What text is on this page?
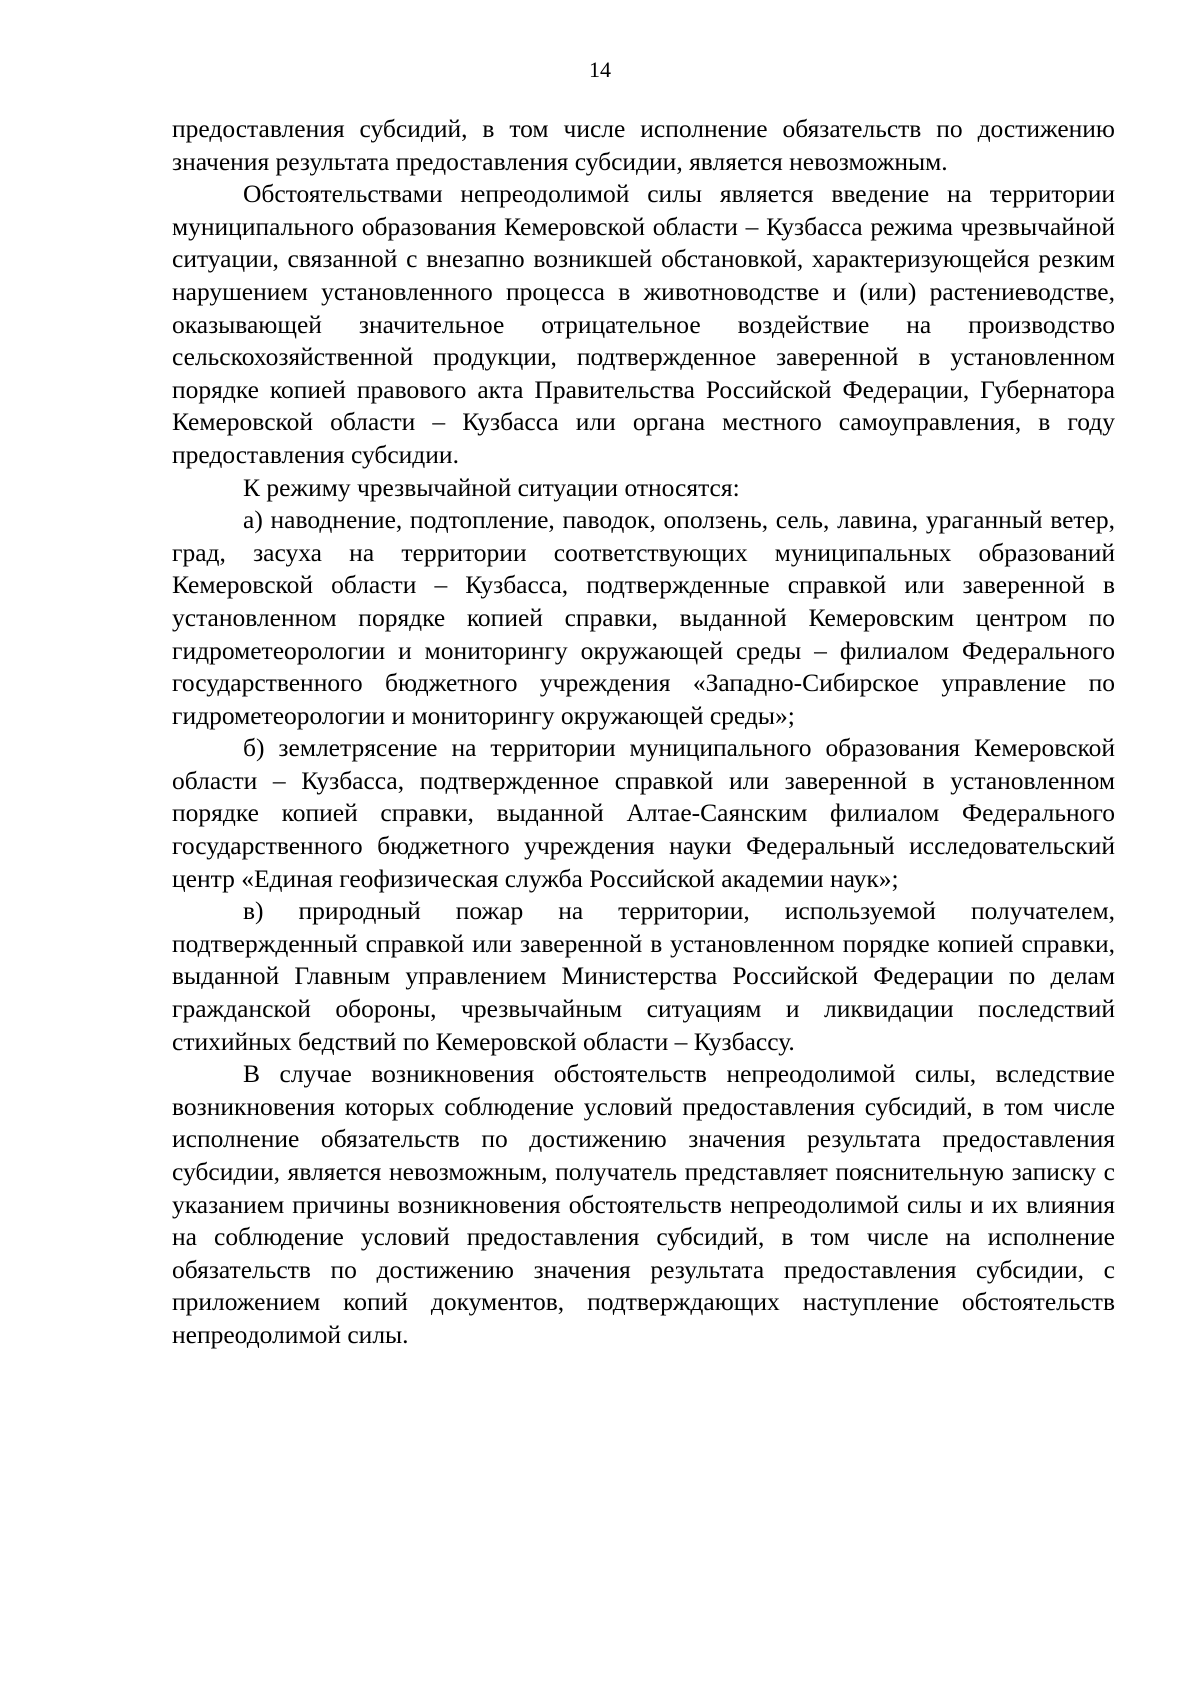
14

предоставления субсидий, в том числе исполнение обязательств по достижению значения результата предоставления субсидии, является невозможным.

Обстоятельствами непреодолимой силы является введение на территории муниципального образования Кемеровской области – Кузбасса режима чрезвычайной ситуации, связанной с внезапно возникшей обстановкой, характеризующейся резким нарушением установленного процесса в животноводстве и (или) растениеводстве, оказывающей значительное отрицательное воздействие на производство сельскохозяйственной продукции, подтвержденное заверенной в установленном порядке копией правового акта Правительства Российской Федерации, Губернатора Кемеровской области – Кузбасса или органа местного самоуправления, в году предоставления субсидии.

К режиму чрезвычайной ситуации относятся:

а) наводнение, подтопление, паводок, оползень, сель, лавина, ураганный ветер, град, засуха на территории соответствующих муниципальных образований Кемеровской области – Кузбасса, подтвержденные справкой или заверенной в установленном порядке копией справки, выданной Кемеровским центром по гидрометеорологии и мониторингу окружающей среды – филиалом Федерального государственного бюджетного учреждения «Западно-Сибирское управление по гидрометеорологии и мониторингу окружающей среды»;

б) землетрясение на территории муниципального образования Кемеровской области – Кузбасса, подтвержденное справкой или заверенной в установленном порядке копией справки, выданной Алтае-Саянским филиалом Федерального государственного бюджетного учреждения науки Федеральный исследовательский центр «Единая геофизическая служба Российской академии наук»;

в) природный пожар на территории, используемой получателем, подтвержденный справкой или заверенной в установленном порядке копией справки, выданной Главным управлением Министерства Российской Федерации по делам гражданской обороны, чрезвычайным ситуациям и ликвидации последствий стихийных бедствий по Кемеровской области – Кузбассу.

В случае возникновения обстоятельств непреодолимой силы, вследствие возникновения которых соблюдение условий предоставления субсидий, в том числе исполнение обязательств по достижению значения результата предоставления субсидии, является невозможным, получатель представляет пояснительную записку с указанием причины возникновения обстоятельств непреодолимой силы и их влияния на соблюдение условий предоставления субсидий, в том числе на исполнение обязательств по достижению значения результата предоставления субсидии, с приложением копий документов, подтверждающих наступление обстоятельств непреодолимой силы.
